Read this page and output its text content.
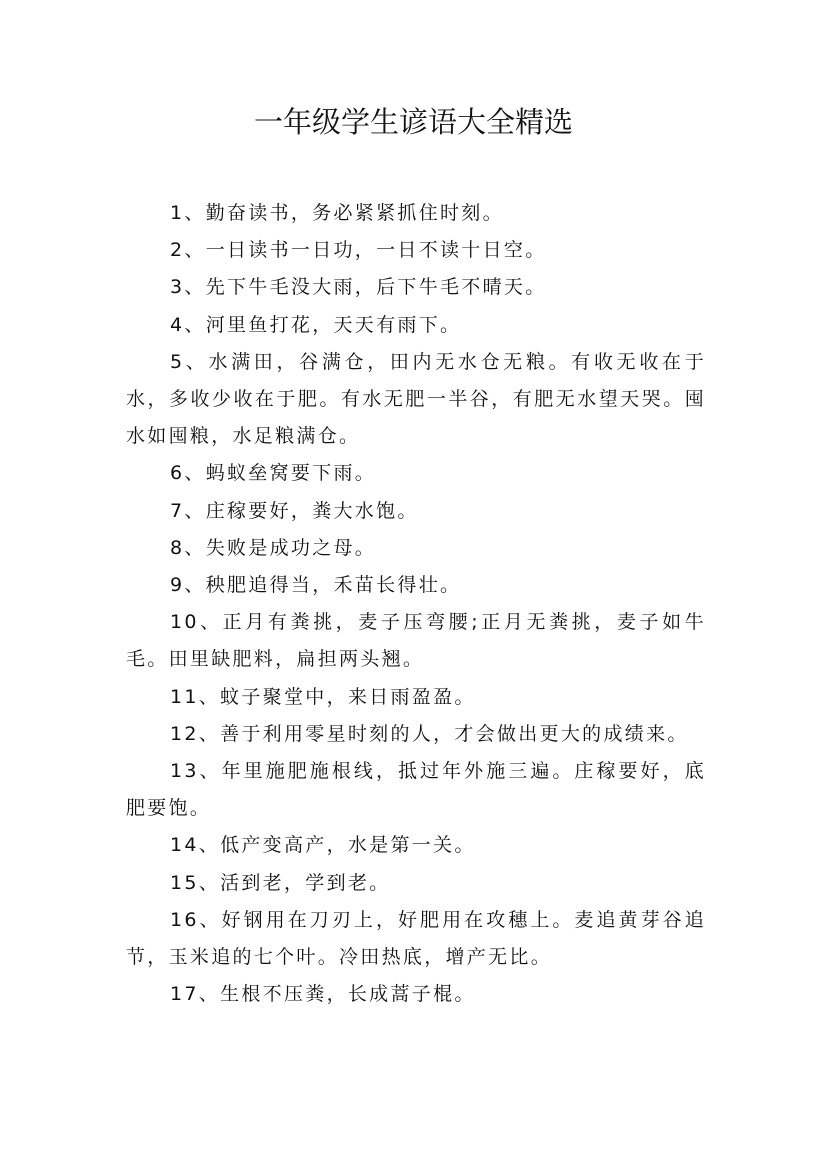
一年级学生谚语大全精选

1、勤奋读书，务必紧紧抓住时刻。

2、一日读书一日功，一日不读十日空。

3、先下牛毛没大雨，后下牛毛不晴天。

4、河里鱼打花，天天有雨下。

5、水满田，谷满仓，田内无水仓无粮。有收无收在于水，多收少收在于肥。有水无肥一半谷，有肥无水望天哭。囤水如囤粮，水足粮满仓。

6、蚂蚁垒窝要下雨。

7、庄稼要好，粪大水饱。

8、失败是成功之母。

9、秧肥追得当，禾苗长得壮。

10、正月有粪挑，麦子压弯腰;正月无粪挑，麦子如牛毛。田里缺肥料，扁担两头翘。

11、蚊子聚堂中，来日雨盈盈。

12、善于利用零星时刻的人，才会做出更大的成绩来。

13、年里施肥施根线，抵过年外施三遍。庄稼要好，底肥要饱。

14、低产变高产，水是第一关。

15、活到老，学到老。

16、好钢用在刀刃上，好肥用在攻穗上。麦追黄芽谷追节，玉米追的七个叶。冷田热底，增产无比。

17、生根不压粪，长成蒿子棍。
